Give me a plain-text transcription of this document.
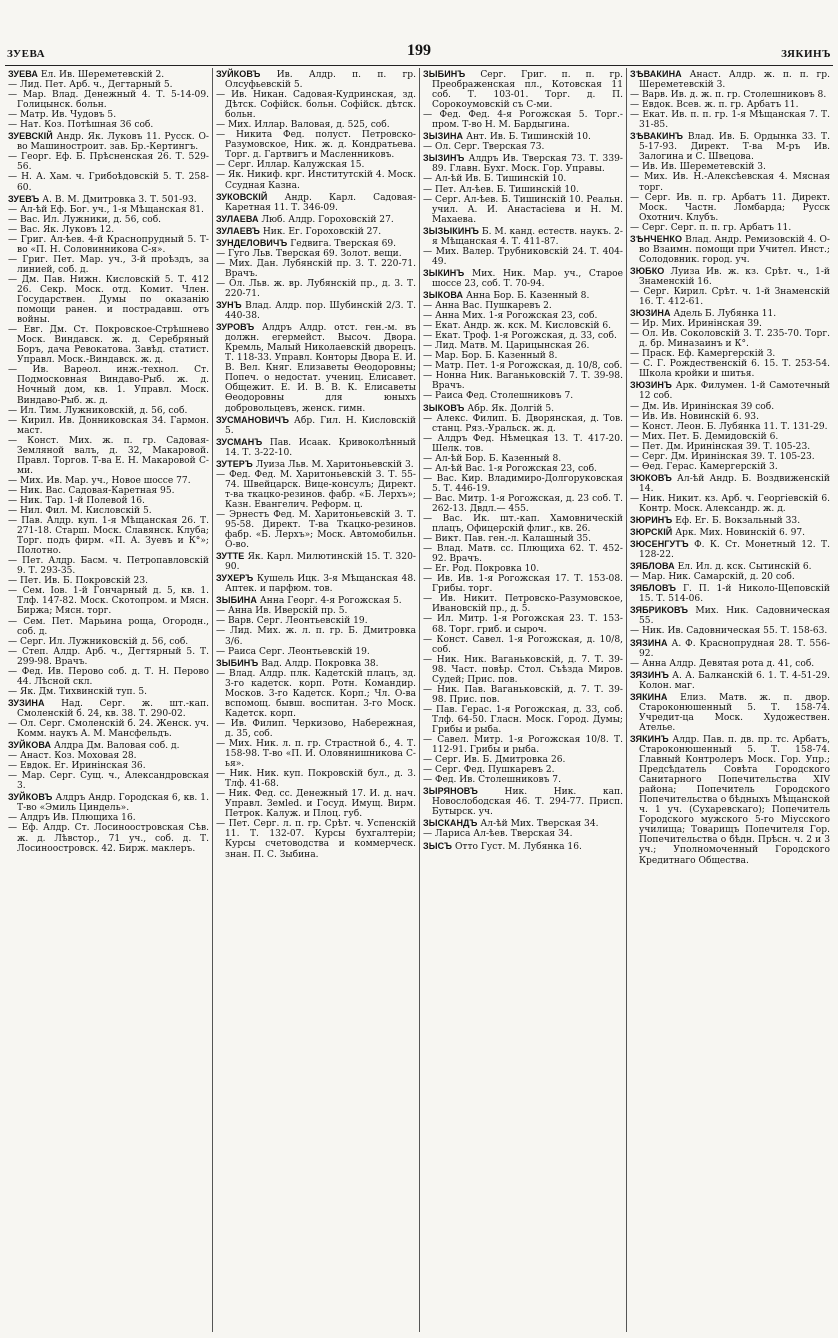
ЗУЕВА	199	ЗЯКИНЪ

ЗУЕВА Ел. Ив. Шереметевскій 2.

— Лид. Пет. Арб. ч., Дегтарный 5.

— Мар. Влад. Денежный 4. Т. 5-14-09. Голицынск. больн.

— Матр. Ив. Чудовъ 5.

— Нат. Коз. Потѣшная 36 соб.

ЗУЕВСКІЙ Андр. Як. Луковъ 11. Русск. О-во Машиностроит. зав. Бр.-Кертингъ.

— Георг. Еф. Б. Прѣсненская 26. Т. 529-56.

— Н. А. Хам. ч. Грибоѣдовскій 5. Т. 258-60.

ЗУЕВЪ А. В. М. Дмитровка 3. Т. 501-93.

— Ал-ѣй Еф. Бог. уч., 1-я Мѣщанская 81.

— Вас. Ил. Лужники, д. 56, соб.

— Вас. Як. Луковъ 12.

— Григ. Ал-ѣев. 4-й Краснопрудный 5. Т-во «П. Н. Соловинникова С-я».

— Григ. Пет. Мар. уч., 3-й проѣздъ, за линией, соб. д.

— Дм. Пав. Нижн. Кисловскій 5. Т. 412 26. Секр. Моск. отд. Комит. Член. Государствен. Думы по оказанію помощи ранен. и пострадавш. отъ войны.

— Евг. Дм. Ст. Покровское-Стрѣшнево Моск. Виндавск. ж. д. Серебряный Боръ, дача Ревокатова. Завѣд. статист. Управл. Моск.-Виндавск. ж. д.

— Ив. Варѳол. инж.-технол. Ст. Подмосковная Виндаво-Рыб. ж. д. Ночный дом, кв. 1. Управл. Моск. Виндаво-Рыб. ж. д.

— Ил. Тим. Лужниковскій, д. 56, соб.

— Кирил. Ив. Донниковская 34. Гармон. маст.

— Конст. Мих. ж. п. гр. Садовая-Земляной валъ, д. 32, Макаровой. Правл. Торгов. Т-ва Е. Н. Макаровой С-ми.

— Мих. Ив. Мар. уч., Новое шоссе 77.

— Ник. Вас. Садовая-Каретная 95.

— Ник. Тар. 1-й Полевой 16.

— Нил. Фил. М. Кисловскій 5.

— Пав. Алдр. куп. 1-я Мѣщанская 26. Т. 271-18. Старш. Моск. Славянск. Клуба; Торг. подъ фирм. «П. А. Зуевъ и К°»; Полотно.

— Пет. Алдр. Басм. ч. Петропавловскій 9. Т. 293-35.

— Пет. Ив. Б. Покровскій 23.

— Сем. Іов. 1-й Гончарный д. 5, кв. 1. Тлф. 147-82. Моск. Скотопром. и Мясн. Биржа; Мясн. торг.

— Сем. Пет. Марьина роща, Огородн., соб. д.

— Серг. Ил. Лужниковскій д. 56, соб.

— Степ. Алдр. Арб. ч., Дегтярный 5. Т. 299-98. Врачъ.

— Фед. Ив. Перово соб. д. Т. Н. Перово 44. Лѣсной скл.

— Як. Дм. Тихвинскій туп. 5.

ЗУЗИНА Над. Серг. ж. шт.-кап. Смоленскій б. 24, кв. 38. Т. 290-02.

— Ол. Серг. Смоленскій б. 24. Женск. уч. Комм. наукъ А. М. Мансфельдъ.

ЗУЙКОВА Алдра Дм. Валовая соб. д.

— Анаст. Коз. Моховая 28.

— Евдок. Ег. Иринінская 36.

— Мар. Серг. Сущ. ч., Александровская 3.

ЗУЙКОВЪ Алдръ Андр. Городская 6, кв. 1. Т-во «Эмиль Циндель».

— Алдръ Ив. Плющиха 16.

— Еф. Алдр. Ст. Лосиноостровская Сѣв. ж. д. Лѣвстор., 71 уч., соб. д. Т. Лосиноостровск. 42. Бирж. маклеръ.

ЗУЙКОВЪ Ив. Алдр. п. п. гр. Олсуфьевскій 5.

— Ив. Никан. Садовая-Кудринская, зд. Дѣтск. Софійск. больн. Софійск. дѣтск. больн.

— Мих. Иллар. Валовая, д. 525, соб.

— Никита Фед. полуст. Петровско-Разумовское, Ник. ж. д. Кондратьева. Торг. д. Гартвигъ и Масленниковъ.

— Серг. Иллар. Калужская 15.

— Як. Никиф. крг. Институтскій 4. Моск. Ссудная Казна.

ЗУКОВСКІЙ Андр. Карл. Садовая-Каретная 11. Т. 346-09.

ЗУЛАЕВА Люб. Алдр. Гороховскій 27.

ЗУЛАЕВЪ Ник. Ег. Гороховскій 27.

ЗУНДЕЛОВИЧЪ Гедвига. Тверская 69.

— Гуго Льв. Тверская 69. Золот. вещи.

— Мих. Дан. Лубянскій пр. 3. Т. 220-71. Врачъ.

— Ол. Льв. ж. вр. Лубянскій пр., д. 3. Т. 220-71.

ЗУНЪ Влад. Алдр. пор. Шубинскій 2/3. Т. 440-38.

ЗУРОВЪ Алдръ Алдр. отст. ген.-м. въ должн. егермейст. Высоч. Двора. Кремль, Малый Николаевскій дворецъ. Т. 118-33. Управл. Конторы Двора Е. И. В. Вел. Княг. Елизаветы Ѳеодоровны; Попеч. о недостат. учениц. Елисавет. Общежит. Е. И. В. В. К. Елисаветы Ѳеодоровны для юныхъ добровольцевъ, женск. гимн.

ЗУСМАНОВИЧЪ Абр. Гил. Н. Кисловскій 5.

ЗУСМАНЪ Пав. Исаак. Кривоколѣнный 14. Т. 3-22-10.

ЗУТЕРЪ Луиза Льв. М. Харитоньевскій 3.

— Фед. Фед. М. Харитоньевскій 3. Т. 55-74. Швейцарск. Вице-консулъ; Директ. т-ва ткацко-резинов. фабр. «Б. Лерхъ»; Казн. Евангелич. Реформ. ц.

— Эрнестъ Фед. М. Харитоньевскій 3. Т. 95-58. Директ. Т-ва Ткацко-резинов. фабр. «Б. Лерхъ»; Моск. Автомобильн. О-во.

ЗУТТЕ Як. Карл. Милютинскій 15. Т. 320-90.

ЗУХЕРЪ Кушель Ицк. 3-я Мѣщанская 48. Аптек. и парфюм. тов.

ЗЫБИНА Анна Георг. 4-я Рогожская 5.

— Анна Ив. Иверскій пр. 5.

— Варв. Серг. Леонтьевскій 19.

— Лид. Мих. ж. л. п. гр. Б. Дмитровка 3/6.

— Раиса Серг. Леонтьевскій 19.

ЗЫБИНЪ Вад. Алдр. Покровка 38.

— Влад. Алдр. плк. Кадетскій плацъ, зд. 3-го кадетск. корп. Ротн. Командир. Москов. 3-го Кадетск. Корп.; Чл. О-ва вспомощ. бывш. воспитан. 3-го Моск. Кадетск. корп.

— Ив. Филип. Черкизово, Набережная, д. 35, соб.

— Мих. Ник. л. п. гр. Страстной б., 4. Т. 158-98. Т-во «П. И. Оловянишникова С-ья».

— Ник. Ник. куп. Покровскій бул., д. 3. Тлф. 41-68.

— Ник. Фед. сс. Денежный 17. И. д. нач. Управл. Земled. и Госуд. Имущ. Вирм. Петрок. Калуж. и Плоц. губ.

— Пет. Серг. л. п. гр. Срѣт. ч. Успенскій 11. Т. 132-07. Курсы бухгалтеріи; Курсы счетоводства и коммерческ. знан. П. С. Зыбина.

ЗЫБИНЪ Серг. Григ. п. п. гр. Преображенская пл., Котовская 11 соб. Т. 103-01. Торг. д. П. Сорокоумовскій съ С-ми.

— Фед. Фед. 4-я Рогожская 5. Торг.-пром. Т-во Н. М. Бардыгина.

ЗЫЗИНА Ант. Ив. Б. Тишинскій 10.

— Ол. Серг. Тверская 73.

ЗЫЗИНЪ Алдръ Ив. Тверская 73. Т. 339-89. Главн. Бухг. Моск. Гор. Управы.

— Ал-ѣй Ив. Б. Тишинскій 10.

— Пет. Ал-ѣев. Б. Тишинскій 10.

— Серг. Ал-ѣев. Б. Тишинскій 10. Реальн. учил. А. И. Анастасіева и Н. М. Махаева.

ЗЫЗЫКИНЪ Б. М. канд. естеств. наукъ. 2-я Мѣщанская 4. Т. 411-87.

— Мих. Валер. Трубниковскій 24. Т. 404-49.

ЗЫКИНЪ Мих. Ник. Мар. уч., Старое шоссе 23, соб. Т. 70-94.

ЗЫКОВА Анна Бор. Б. Казенный 8.

— Анна Вас. Пушкаревъ 2.

— Анна Мих. 1-я Рогожская 23, соб.

— Екат. Андр. ж. кск. М. Кисловскій 6.

— Екат. Троф. 1-я Рогожская, д. 33, соб.

— Лид. Матв. М. Царицынская 26.

— Мар. Бор. Б. Казенный 8.

— Матр. Пет. 1-я Рогожская, д. 10/8, соб.

— Нонна Ник. Ваганьковскій 7. Т. 39-98. Врачъ.

— Раиса Фед. Столешниковъ 7.

ЗЫКОВЪ Абр. Як. Долгій 5.

— Алекс. Филип. Б. Дворянская, д. Тов. станц. Ряз.-Уральск. ж. д.

— Алдръ Фед. Нѣмецкая 13. Т. 417-20. Шелк. тов.

— Ал-ѣй Бор. Б. Казенный 8.

— Ал-ѣй Вас. 1-я Рогожская 23, соб.

— Вас. Кир. Владимиро-Долгоруковская 5. Т. 446-19.

— Вас. Митр. 1-я Рогожская, д. 23 соб. Т. 262-13. Двдл.— 455.

— Вас. Ик. шт.-кап. Хамовническій плацъ, Офицерскій флиг., кв. 26.

— Викт. Пав. ген.-л. Калашный 35.

— Влад. Матв. сс. Плющиха 62. Т. 452-92. Врачъ.

— Ег. Род. Покровка 10.

— Ив. Ив. 1-я Рогожская 17. Т. 153-08. Грибы. торг.

— Ив. Никит. Петровско-Разумовское, Ивановскій пр., д. 5.

— Ил. Митр. 1-я Рогожская 23. Т. 153-68. Торг. гриб. и сыроч.

— Конст. Савел. 1-я Рогожская, д. 10/8, соб.

— Ник. Ник. Ваганьковскій, д. 7. Т. 39-98. Част. повѣр. Стол. Съѣзда Миров. Судей; Прис. пов.

— Ник. Пав. Ваганьковскій, д. 7. Т. 39-98. Прис. пов.

— Пав. Герас. 1-я Рогожская, д. 33, соб. Тлф. 64-50. Гласн. Моск. Город. Думы; Грибы и рыба.

— Савел. Митр. 1-я Рогожская 10/8. Т. 112-91. Грибы и рыба.

— Серг. Ив. Б. Дмитровка 26.

— Серг. Фед. Пушкаревъ 2.

— Фед. Ив. Столешниковъ 7.

ЗЫРЯНОВЪ	Ник. Ник. кап. Новослободская 46. Т. 294-77. Присп. Бутырск. уч.

ЗЫСКАНДЪ Ал-ѣй Мих. Тверская 34.

— Лариса Ал-ѣев. Тверская 34.

ЗЫСЪ Отто Густ. М. Лубянка 16.

ЗѢВАКИНА Анаст. Алдр. ж. п. п. гр. Шереметевскій 3.

— Варв. Ив. д. ж. п. гр. Столешниковъ 8.

— Евдок. Всев. ж. п. гр. Арбатъ 11.

— Екат. Ив. п. п. гр. 1-я Мѣщанская 7. Т. 31-85.

ЗѢВАКИНЪ Влад. Ив. Б. Ордынка 33. Т. 5-17-93. Директ. Т-ва М-ръ Ив. Залогина и С. Швецова.

— Ив. Ив. Шереметевскій 3.

— Мих. Ив. Н.-Алексѣевская 4. Мясная торг.

— Серг. Ив. п. гр. Арбатъ 11. Директ. Моск. Частн. Ломбарда; Русск Охотнич. Клубъ.

— Серг. Серг. п. п. гр. Арбатъ 11.

ЗѢНЧЕНКО Влад. Андр. Ремизовскій 4. О-во Взаимн. помощи при Учител. Инст.; Солодовник. город. уч.

ЗЮБКО Луиза Ив. ж. кз. Срѣт. ч., 1-й Знаменскій 16.

— Серг. Кирил. Срѣт. ч. 1-й Знаменскій 16. Т. 412-61.

ЗЮЗИНА Адель Б. Лубянка 11.

— Ир. Мих. Иринінская 39.

— Ол. Ив. Соколовскій 3. Т. 235-70. Торг. д. бр. Миназаинъ и К°.

— Праск. Еф. Камергерскій 3.

— С. Г. Рождественскій 6. 15. Т. 253-54. Школа кройки и шитья.

ЗЮЗИНЪ Арк. Филумен. 1-й Самотечный 12 соб.

— Дм. Ив. Иринінская 39 соб.

— Ив. Ив. Новинскій 6. 93.

— Конст. Леон. Б. Лубянка 11. Т. 131-29.

— Мих. Пет. Б. Демидовскій 6.

— Пет. Дм. Иринінская 39. Т. 105-23.

— Серг. Дм. Иринінская 39. Т. 105-23.

— Ѳед. Герас. Камергерскій 3.

ЗЮКОВЪ Ал-ѣй Андр. Б. Воздвиженскій 14.

— Ник. Никит. кз. Арб. ч. Георгіевскій 6. Контр. Моск. Александр. ж. д.

ЗЮРИНЪ Еф. Ег. Б. Вокзальный 33.

ЗЮРСКІЙ Арк. Мих. Новинскій 6. 97.

ЗЮСЕНГУТЪ Ф. К. Ст. Монетный 12. Т. 128-22.

ЗЯБЛОВА Ел. Ил. д. кск. Сытинскій 6.

— Мар. Ник. Самарскій, д. 20 соб.

ЗЯБЛОВЪ Г. П. 1-й Николо-Щеповскій 15. Т. 514-06.

ЗЯБРИКОВЪ Мих. Ник. Садовническая 55.

— Ник. Ив. Садовническая 55. Т. 158-63.

ЗЯЗИНА А. Ф. Краснопрудная 28. Т. 556-92.

— Анна Алдр. Девятая рота д. 41, соб.

ЗЯЗИНЪ А. А. Балканскій 6. 1. Т. 4-51-29. Колон. маг.

ЗЯКИНА Елиз. Матв. ж. п. двор. Староконюшенный 5. Т. 158-74. Учредит-ца Моск. Художествен. Ателье.

ЗЯКИНЪ Алдр. Пав. п. дв. пр. тс. Арбатъ, Староконюшенный 5. Т. 158-74. Главный Контролеръ Моск. Гор. Упр.; Предсѣдатель Совѣта Городского Санитарного Попечительства XIV района; Попечитель Городского Попечительства о бѣдныхъ Мѣщанской ч. 1 уч. (Сухаревскаго); Попечитель Городского мужского 5-го Міусского училища; Товарищъ Попечителя Гор. Попечительства о бѣдн. Прѣсн. ч. 2 и 3 уч.; Уполномоченный Городского Кредитнаго Общества.
